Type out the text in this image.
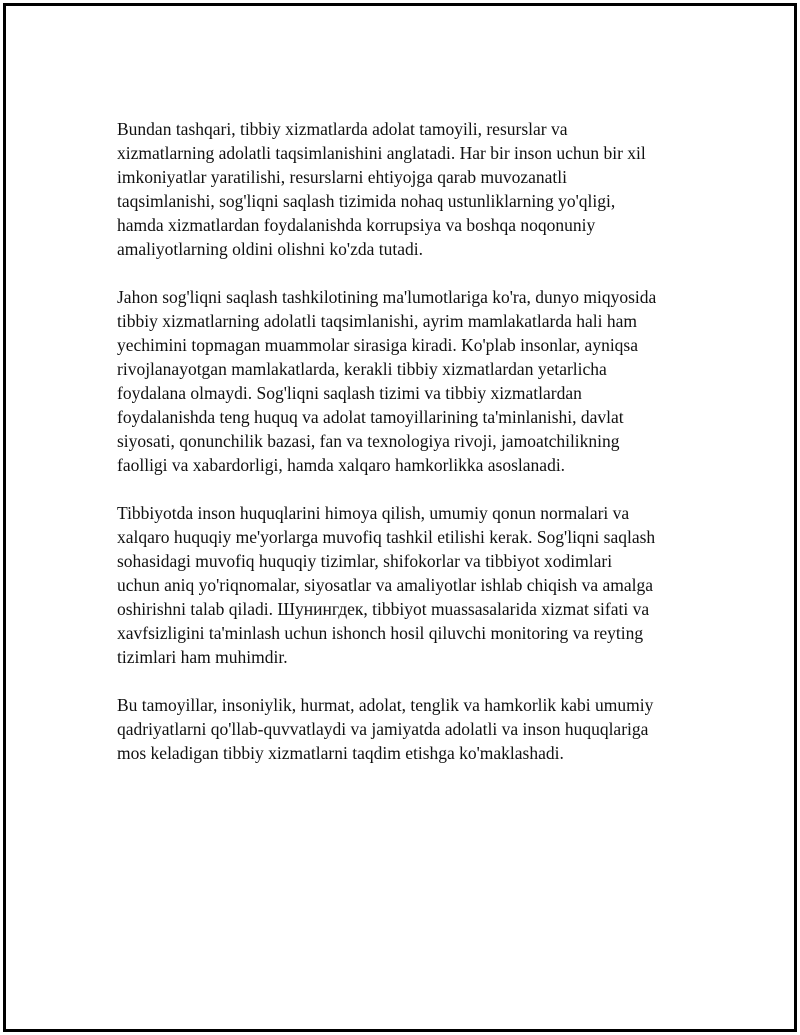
Bundan tashqari, tibbiy xizmatlarda adolat tamoyili, resurslar va
xizmatlarning adolatli taqsimlanishini anglatadi. Har bir inson uchun bir xil
imkoniyatlar yaratilishi, resurslarni ehtiyojga qarab muvozanatli
taqsimlanishi, sog'liqni saqlash tizimida nohaq ustunliklarning yo'qligi,
hamda xizmatlardan foydalanishda korrupsiya va boshqa noqonuniy
amaliyotlarning oldini olishni ko'zda tutadi.

Jahon sog'liqni saqlash tashkilotining ma'lumotlariga ko'ra, dunyo miqyosida
tibbiy xizmatlarning adolatli taqsimlanishi, ayrim mamlakatlarda hali ham
yechimini topmagan muammolar sirasiga kiradi. Ko'plab insonlar, ayniqsa
rivojlanayotgan mamlakatlarda, kerakli tibbiy xizmatlardan yetarlicha
foydalana olmaydi. Sog'liqni saqlash tizimi va tibbiy xizmatlardan
foydalanishda teng huquq va adolat tamoyillarining ta'minlanishi, davlat
siyosati, qonunchilik bazasi, fan va texnologiya rivoji, jamoatchilikning
faolligi va xabardorligi, hamda xalqaro hamkorlikka asoslanadi.

Tibbiyotda inson huquqlarini himoya qilish, umumiy qonun normalari va
xalqaro huquqiy me'yorlarga muvofiq tashkil etilishi kerak. Sog'liqni saqlash
sohasidagi muvofiq huquqiy tizimlar, shifokorlar va tibbiyot xodimlari
uchun aniq yo'riqnomalar, siyosatlar va amaliyotlar ishlab chiqish va amalga
oshirishni talab qiladi. Шунингдек, tibbiyot muassasalarida xizmat sifati va
xavfsizligini ta'minlash uchun ishonch hosil qiluvchi monitoring va reyting
tizimlari ham muhimdir.

Bu tamoyillar, insoniylik, hurmat, adolat, tenglik va hamkorlik kabi umumiy
qadriyatlarni qo'llab-quvvatlaydi va jamiyatda adolatli va inson huquqlariga
mos keladigan tibbiy xizmatlarni taqdim etishga ko'maklashadi.
